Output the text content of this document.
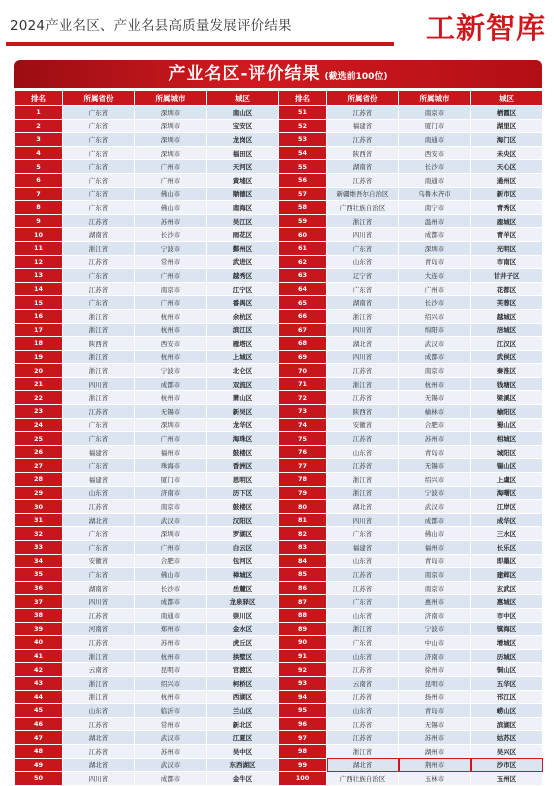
2024产业名区、产业名县高质量发展评价结果	工新智库
产业名区-评价结果 (截选前100位)
排名	所属省份	所属城市	城区	排名	所属省份	所属城市	城区
1	广东省	深圳市	南山区	51	江苏省	南京市	栖霞区
2	广东省	深圳市	宝安区	52	福建省	厦门市	湖里区
3	广东省	深圳市	龙岗区	53	江苏省	南通市	海门区
4	广东省	深圳市	福田区	54	陕西省	西安市	未央区
5	广东省	广州市	天河区	55	湖南省	长沙市	天心区
6	广东省	广州市	黄埔区	56	江苏省	南通市	通州区
7	广东省	佛山市	顺德区	57	新疆维吾尔自治区	乌鲁木齐市	新市区
8	广东省	佛山市	南海区	58	广西壮族自治区	南宁市	青秀区
9	江苏省	苏州市	吴江区	59	浙江省	温州市	鹿城区
10	湖南省	长沙市	雨花区	60	四川省	成都市	青羊区
11	浙江省	宁波市	鄞州区	61	广东省	深圳市	光明区
12	江苏省	常州市	武进区	62	山东省	青岛市	市南区
13	广东省	广州市	越秀区	63	辽宁省	大连市	甘井子区
14	江苏省	南京市	江宁区	64	广东省	广州市	花都区
15	广东省	广州市	番禺区	65	湖南省	长沙市	芙蓉区
16	浙江省	杭州市	余杭区	66	浙江省	绍兴市	越城区
17	浙江省	杭州市	滨江区	67	四川省	绵阳市	涪城区
18	陕西省	西安市	雁塔区	68	湖北省	武汉市	江汉区
19	浙江省	杭州市	上城区	69	四川省	成都市	武侯区
20	浙江省	宁波市	北仑区	70	江苏省	南京市	秦淮区
21	四川省	成都市	双流区	71	浙江省	杭州市	钱塘区
22	浙江省	杭州市	萧山区	72	江苏省	无锡市	梁溪区
23	江苏省	无锡市	新吴区	73	陕西省	榆林市	榆阳区
24	广东省	深圳市	龙华区	74	安徽省	合肥市	蜀山区
25	广东省	广州市	海珠区	75	江苏省	苏州市	相城区
26	福建省	福州市	鼓楼区	76	山东省	青岛市	城阳区
27	广东省	珠海市	香洲区	77	江苏省	无锡市	锡山区
28	福建省	厦门市	思明区	78	浙江省	绍兴市	上虞区
29	山东省	济南市	历下区	79	浙江省	宁波市	海曙区
30	江苏省	南京市	鼓楼区	80	湖北省	武汉市	江岸区
31	湖北省	武汉市	汉阳区	81	四川省	成都市	成华区
32	广东省	深圳市	罗湖区	82	广东省	佛山市	三水区
33	广东省	广州市	白云区	83	福建省	福州市	长乐区
34	安徽省	合肥市	包河区	84	山东省	青岛市	即墨区
35	广东省	佛山市	禅城区	85	江苏省	南京市	建邺区
36	湖南省	长沙市	岳麓区	86	江苏省	南京市	玄武区
37	四川省	成都市	龙泉驿区	87	广东省	惠州市	惠城区
38	江苏省	南通市	崇川区	88	山东省	济南市	市中区
39	河南省	郑州市	金水区	89	浙江省	宁波市	镇海区
40	江苏省	苏州市	虎丘区	90	广东省	中山市	增城区
41	浙江省	杭州市	拱墅区	91	山东省	济南市	历城区
42	云南省	昆明市	官渡区	92	江苏省	徐州市	铜山区
43	浙江省	绍兴市	柯桥区	93	云南省	昆明市	五华区
44	浙江省	杭州市	西湖区	94	江苏省	扬州市	邗江区
45	山东省	临沂市	兰山区	95	山东省	青岛市	崂山区
46	江苏省	常州市	新北区	96	江苏省	无锡市	滨湖区
47	湖北省	武汉市	江夏区	97	江苏省	苏州市	姑苏区
48	江苏省	苏州市	吴中区	98	浙江省	湖州市	吴兴区
49	湖北省	武汉市	东西湖区	99	湖北省	荆州市	沙市区
50	四川省	成都市	金牛区	100	广西壮族自治区	玉林市	玉州区
